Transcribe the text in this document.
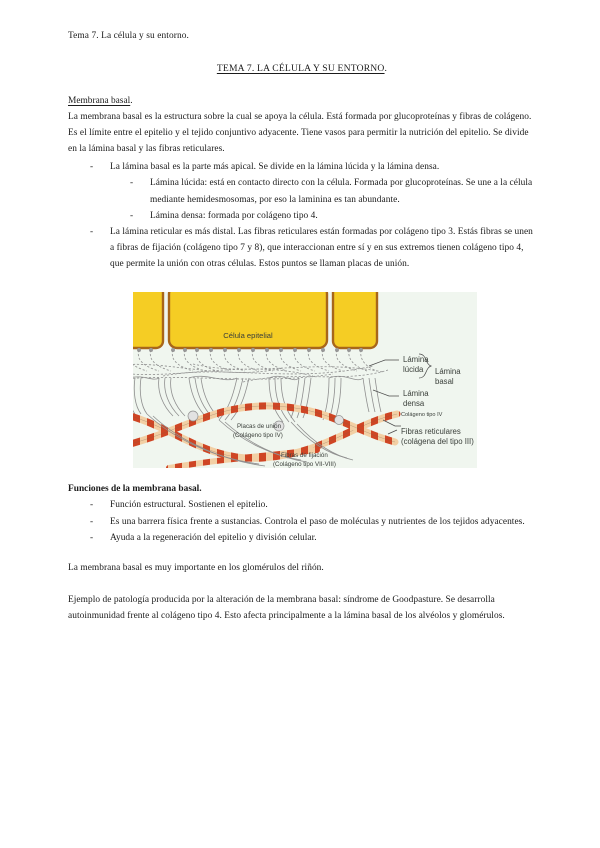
Tema 7. La célula y su entorno.
TEMA 7. LA CÉLULA Y SU ENTORNO.
Membrana basal.

La membrana basal es la estructura sobre la cual se apoya la célula. Está formada por glucoproteínas y fibras de colágeno. Es el límite entre el epitelio y el tejido conjuntivo adyacente. Tiene vasos para permitir la nutrición del epitelio. Se divide en la lámina basal y las fibras reticulares.

- La lámina basal es la parte más apical. Se divide en la lámina lúcida y la lámina densa.
- Lámina lúcida: está en contacto directo con la célula. Formada por glucoproteínas. Se une a la célula mediante hemidesmosomas, por eso la laminina es tan abundante.
- Lámina densa: formada por colágeno tipo 4.
- La lámina reticular es más distal. Las fibras reticulares están formadas por colágeno tipo 3. Estás fibras se unen a fibras de fijación (colágeno tipo 7 y 8), que interaccionan entre sí y en sus extremos tienen colágeno tipo 4, que permite la unión con otras células. Estos puntos se llaman placas de unión.
Célula epitelial
Lámina
lúcida
Lámina
densa
Lámina
basal
Colágeno tipo IV
Fibras reticulares
(colágena del tipo III)
Placas de unión
(Colágeno tipo IV)
Fibras de fijación
(Colágeno tipo VII-VIII)
Funciones de la membrana basal.
- Función estructural. Sostienen el epitelio.
- Es una barrera física frente a sustancias. Controla el paso de moléculas y nutrientes de los tejidos adyacentes.
- Ayuda a la regeneración del epitelio y división celular.

La membrana basal es muy importante en los glomérulos del riñón.

Ejemplo de patología producida por la alteración de la membrana basal: síndrome de Goodpasture. Se desarrolla autoinmunidad frente al colágeno tipo 4. Esto afecta principalmente a la lámina basal de los alvéolos y glomérulos.
